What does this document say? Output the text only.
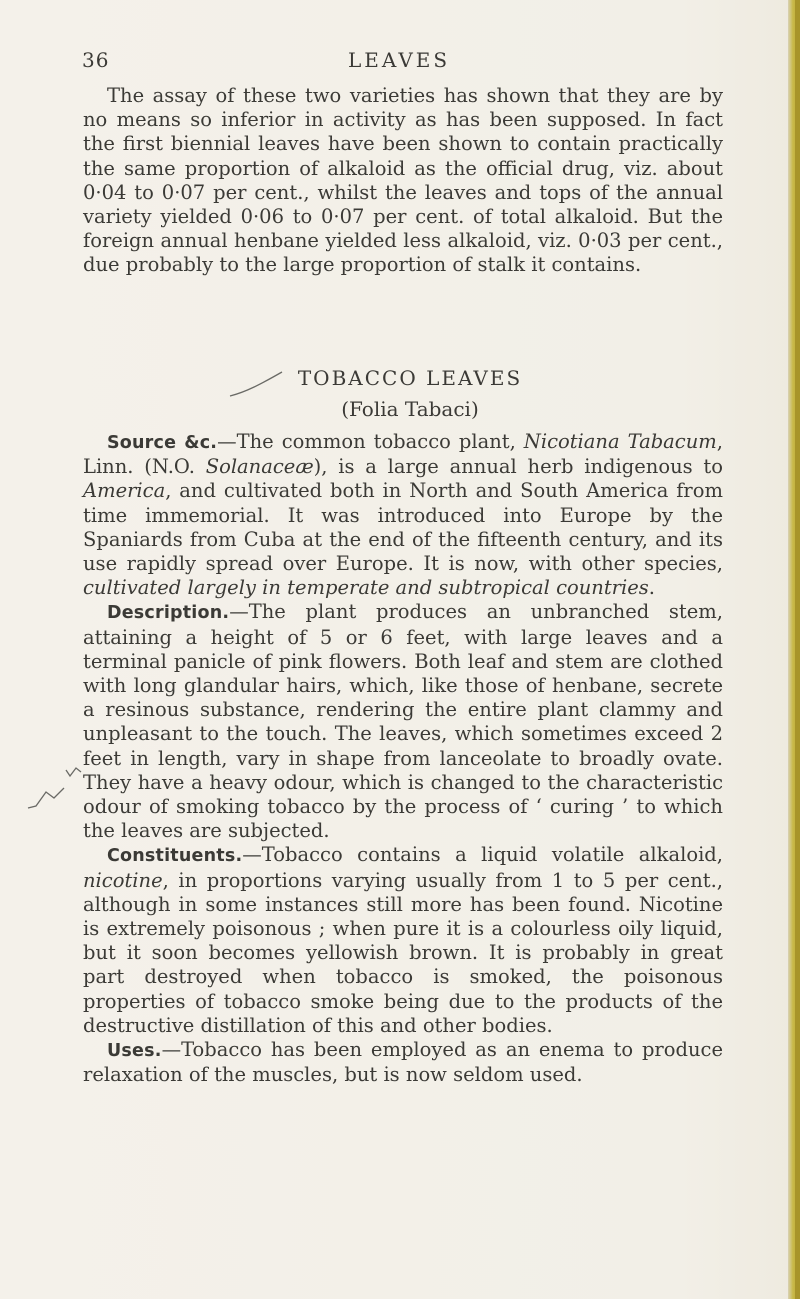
36	LEAVES
The assay of these two varieties has shown that they are by no means so inferior in activity as has been supposed. In fact the first biennial leaves have been shown to contain practically the same proportion of alkaloid as the official drug, viz. about 0·04 to 0·07 per cent., whilst the leaves and tops of the annual variety yielded 0·06 to 0·07 per cent. of total alkaloid. But the foreign annual henbane yielded less alkaloid, viz. 0·03 per cent., due probably to the large proportion of stalk it contains.
TOBACCO LEAVES
(Folia Tabaci)

Source &c.—The common tobacco plant, Nicotiana Tabacum, Linn. (N.O. Solanaceæ), is a large annual herb indigenous to America, and cultivated both in North and South America from time immemorial. It was introduced into Europe by the Spaniards from Cuba at the end of the fifteenth century, and its use rapidly spread over Europe. It is now, with other species, cultivated largely in temperate and subtropical countries.

Description.—The plant produces an unbranched stem, attaining a height of 5 or 6 feet, with large leaves and a terminal panicle of pink flowers. Both leaf and stem are clothed with long glandular hairs, which, like those of henbane, secrete a resinous substance, rendering the entire plant clammy and unpleasant to the touch. The leaves, which sometimes exceed 2 feet in length, vary in shape from lanceolate to broadly ovate. They have a heavy odour, which is changed to the characteristic odour of smoking tobacco by the process of ‘ curing ’ to which the leaves are subjected.

Constituents.—Tobacco contains a liquid volatile alkaloid, nicotine, in proportions varying usually from 1 to 5 per cent., although in some instances still more has been found. Nicotine is extremely poisonous ; when pure it is a colourless oily liquid, but it soon becomes yellowish brown. It is probably in great part destroyed when tobacco is smoked, the poisonous properties of tobacco smoke being due to the products of the destructive distillation of this and other bodies.

Uses.—Tobacco has been employed as an enema to produce relaxation of the muscles, but is now seldom used.
